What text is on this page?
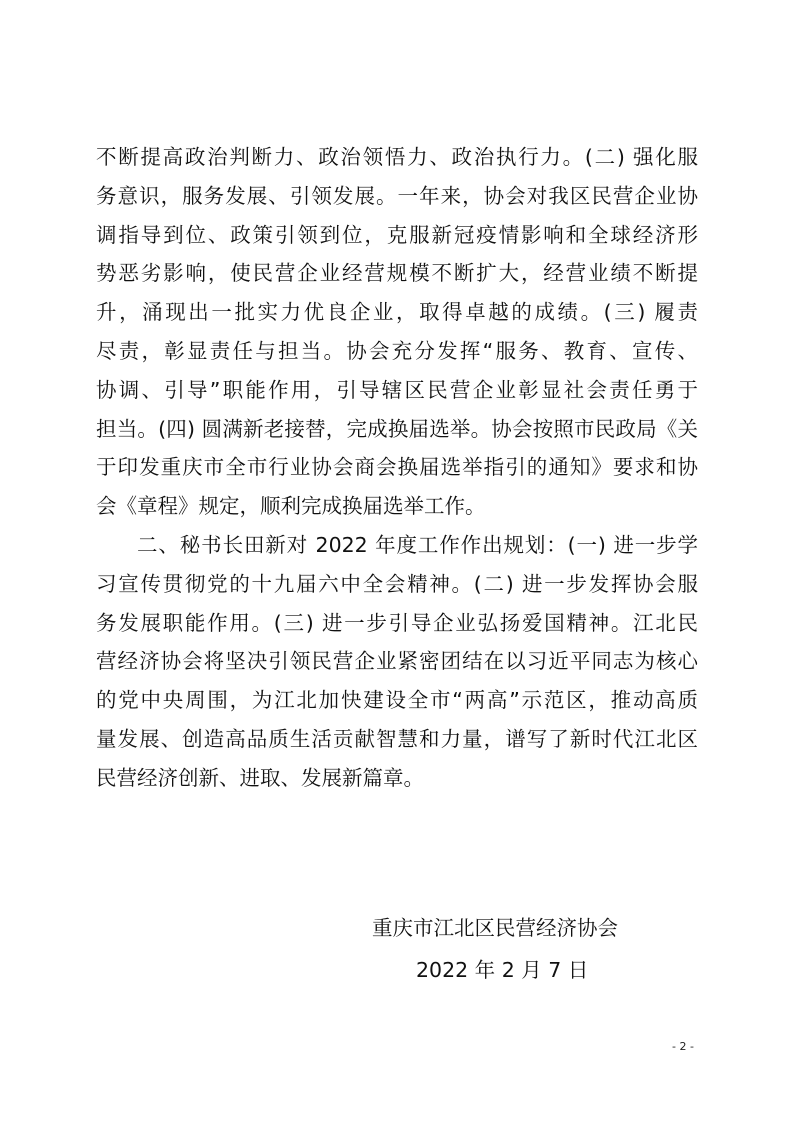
不断提高政治判断力、政治领悟力、政治执行力。(二) 强化服
务意识，服务发展、引领发展。一年来，协会对我区民营企业协
调指导到位、政策引领到位，克服新冠疫情影响和全球经济形
势恶劣影响，使民营企业经营规模不断扩大，经营业绩不断提
升，涌现出一批实力优良企业，取得卓越的成绩。(三) 履责
尽责，彰显责任与担当。协会充分发挥“服务、教育、宣传、
协调、引导”职能作用，引导辖区民营企业彰显社会责任勇于
担当。(四) 圆满新老接替，完成换届选举。协会按照市民政局《关
于印发重庆市全市行业协会商会换届选举指引的通知》要求和协
会《章程》规定，顺利完成换届选举工作。
二、秘书长田新对 2022 年度工作作出规划：(一) 进一步学
习宣传贯彻党的十九届六中全会精神。(二) 进一步发挥协会服
务发展职能作用。(三) 进一步引导企业弘扬爱国精神。江北民
营经济协会将坚决引领民营企业紧密团结在以习近平同志为核心
的党中央周围，为江北加快建设全市“两高”示范区，推动高质
量发展、创造高品质生活贡献智慧和力量，谱写了新时代江北区
民营经济创新、进取、发展新篇章。
重庆市江北区民营经济协会
2022 年 2 月 7 日
- 2 -
